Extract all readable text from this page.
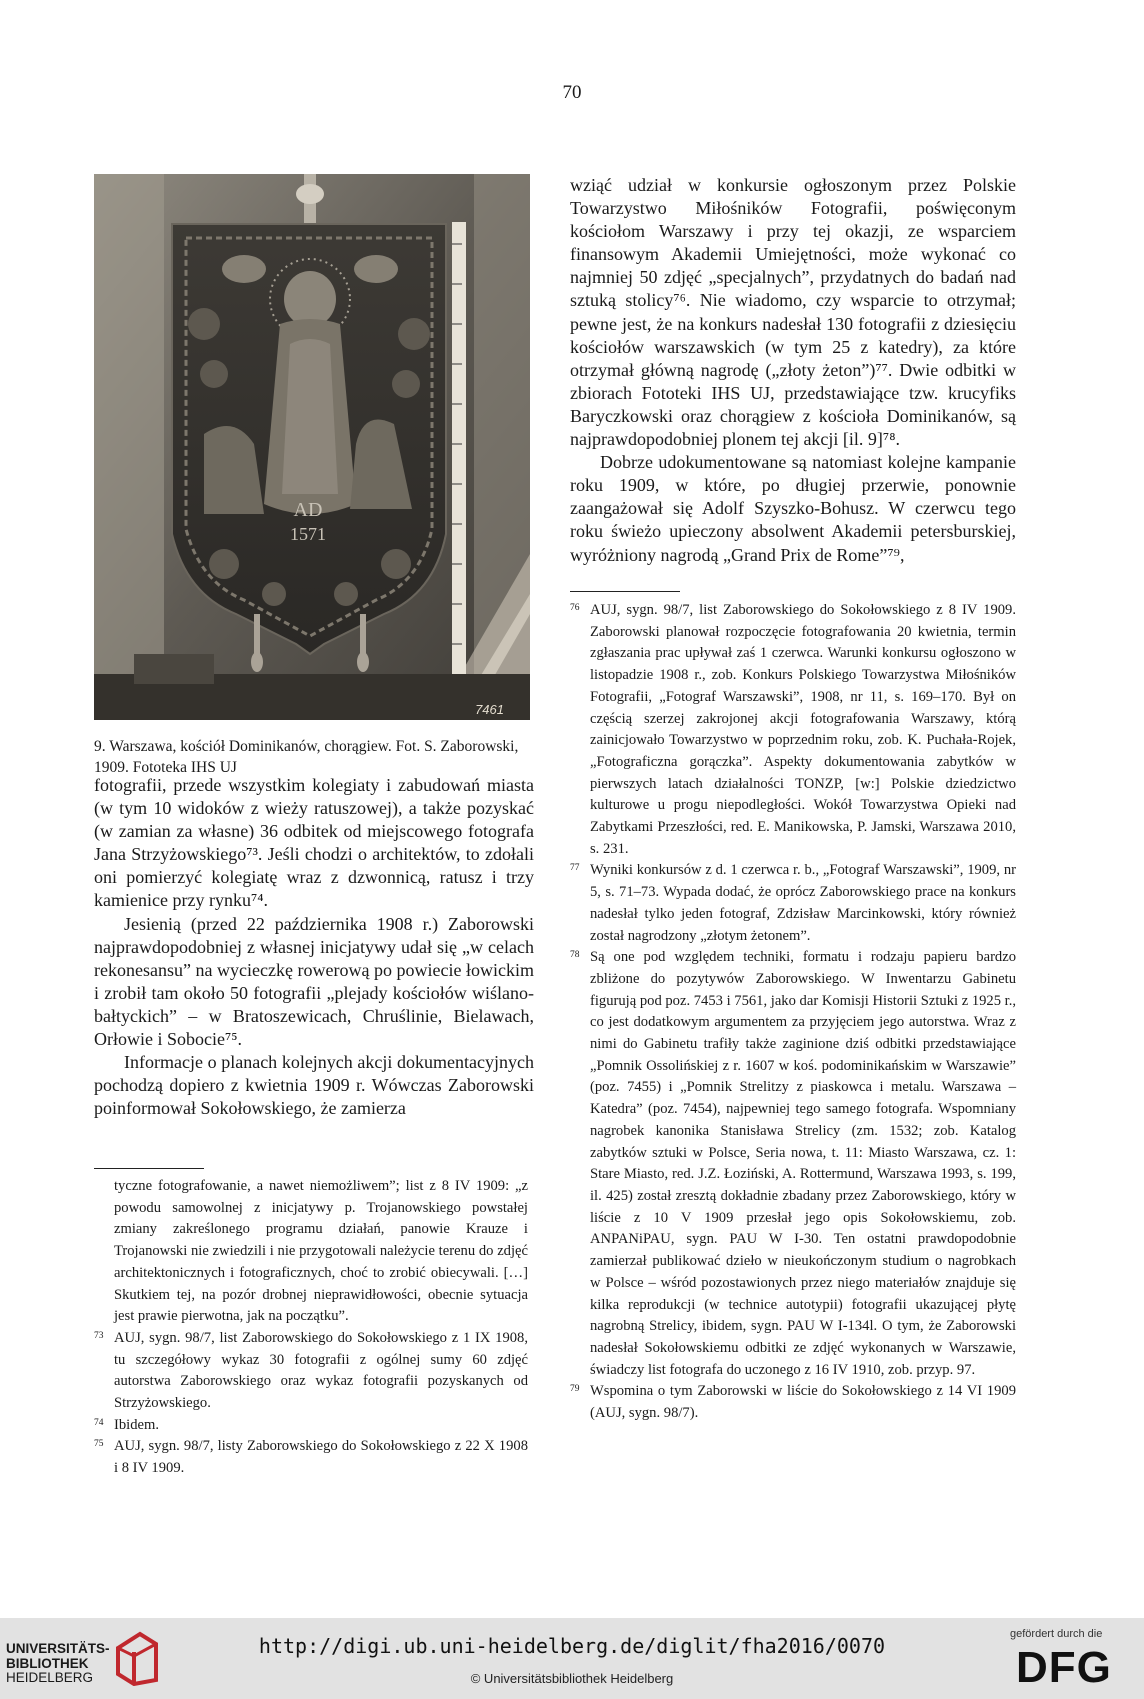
70
AD
1571
7461
9. Warszawa, kościół Dominikanów, chorągiew. Fot. S. Zaborowski,
1909. Fototeka IHS UJ

fotografii, przede wszystkim kolegiaty i zabudowań miasta (w tym 10 widoków z wieży ratuszowej), a także pozyskać (w zamian za własne) 36 odbitek od miejscowego fotografa Jana Strzyżowskiego⁷³. Jeśli chodzi o architektów, to zdołali oni pomierzyć kolegiatę wraz z dzwonnicą, ratusz i trzy kamienice przy rynku⁷⁴.

Jesienią (przed 22 października 1908 r.) Zaborowski najprawdopodobniej z własnej inicjatywy udał się „w celach rekonesansu” na wycieczkę rowerową po powiecie łowickim i zrobił tam około 50 fotografii „plejady kościołów wiślano-bałtyckich” – w Bratoszewicach, Chruślinie, Bielawach, Orłowie i Sobocie⁷⁵.

Informacje o planach kolejnych akcji dokumentacyjnych pochodzą dopiero z kwietnia 1909 r. Wówczas Zaborowski poinformował Sokołowskiego, że zamierza

tyczne fotografowanie, a nawet niemożliwem”; list z 8 IV 1909: „z powodu samowolnej z inicjatywy p. Trojanowskiego powstałej zmiany zakreślonego programu działań, panowie Krauze i Trojanowski nie zwiedzili i nie przygotowali należycie terenu do zdjęć architektonicznych i fotograficznych, choć to zrobić obiecywali. […] Skutkiem tej, na pozór drobnej nieprawidłowości, obecnie sytuacja jest prawie pierwotna, jak na początku”.

73 AUJ, sygn. 98/7, list Zaborowskiego do Sokołowskiego z 1 IX 1908, tu szczegółowy wykaz 30 fotografii z ogólnej sumy 60 zdjęć autorstwa Zaborowskiego oraz wykaz fotografii pozyskanych od Strzyżowskiego.

74 Ibidem.

75 AUJ, sygn. 98/7, listy Zaborowskiego do Sokołowskiego z 22 X 1908 i 8 IV 1909.

wziąć udział w konkursie ogłoszonym przez Polskie Towarzystwo Miłośników Fotografii, poświęconym kościołom Warszawy i przy tej okazji, ze wsparciem finansowym Akademii Umiejętności, może wykonać co najmniej 50 zdjęć „specjalnych”, przydatnych do badań nad sztuką stolicy⁷⁶. Nie wiadomo, czy wsparcie to otrzymał; pewne jest, że na konkurs nadesłał 130 fotografii z dziesięciu kościołów warszawskich (w tym 25 z katedry), za które otrzymał główną nagrodę („złoty żeton”)⁷⁷. Dwie odbitki w zbiorach Fototeki IHS UJ, przedstawiające tzw. krucyfiks Baryczkowski oraz chorągiew z kościoła Dominikanów, są najprawdopodobniej plonem tej akcji [il. 9]⁷⁸.

Dobrze udokumentowane są natomiast kolejne kampanie roku 1909, w które, po długiej przerwie, ponownie zaangażował się Adolf Szyszko-Bohusz. W czerwcu tego roku świeżo upieczony absolwent Akademii petersburskiej, wyróżniony nagrodą „Grand Prix de Rome”⁷⁹,

76 AUJ, sygn. 98/7, list Zaborowskiego do Sokołowskiego z 8 IV 1909. Zaborowski planował rozpoczęcie fotografowania 20 kwietnia, termin zgłaszania prac upływał zaś 1 czerwca. Warunki konkursu ogłoszono w listopadzie 1908 r., zob. Konkurs Polskiego Towarzystwa Miłośników Fotografii, „Fotograf Warszawski”, 1908, nr 11, s. 169–170. Był on częścią szerzej zakrojonej akcji fotografowania Warszawy, którą zainicjowało Towarzystwo w poprzednim roku, zob. K. Puchała-Rojek, „Fotograficzna gorączka”. Aspekty dokumentowania zabytków w pierwszych latach działalności TONZP, [w:] Polskie dziedzictwo kulturowe u progu niepodległości. Wokół Towarzystwa Opieki nad Zabytkami Przeszłości, red. E. Manikowska, P. Jamski, Warszawa 2010, s. 231.

77 Wyniki konkursów z d. 1 czerwca r. b., „Fotograf Warszawski”, 1909, nr 5, s. 71–73. Wypada dodać, że oprócz Zaborowskiego prace na konkurs nadesłał tylko jeden fotograf, Zdzisław Marcinkowski, który również został nagrodzony „złotym żetonem”.

78 Są one pod względem techniki, formatu i rodzaju papieru bardzo zbliżone do pozytywów Zaborowskiego. W Inwentarzu Gabinetu figurują pod poz. 7453 i 7561, jako dar Komisji Historii Sztuki z 1925 r., co jest dodatkowym argumentem za przyjęciem jego autorstwa. Wraz z nimi do Gabinetu trafiły także zaginione dziś odbitki przedstawiające „Pomnik Ossolińskiej z r. 1607 w koś. podominikańskim w Warszawie” (poz. 7455) i „Pomnik Strelitzy z piaskowca i metalu. Warszawa – Katedra” (poz. 7454), najpewniej tego samego fotografa. Wspomniany nagrobek kanonika Stanisława Strelicy (zm. 1532; zob. Katalog zabytków sztuki w Polsce, Seria nowa, t. 11: Miasto Warszawa, cz. 1: Stare Miasto, red. J.Z. Łoziński, A. Rottermund, Warszawa 1993, s. 199, il. 425) został zresztą dokładnie zbadany przez Zaborowskiego, który w liście z 10 V 1909 przesłał jego opis Sokołowskiemu, zob. ANPANiPAU, sygn. PAU W I-30. Ten ostatni prawdopodobnie zamierzał publikować dzieło w nieukończonym studium o nagrobkach w Polsce – wśród pozostawionych przez niego materiałów znajduje się kilka reprodukcji (w technice autotypii) fotografii ukazującej płytę nagrobną Strelicy, ibidem, sygn. PAU W I-134l. O tym, że Zaborowski nadesłał Sokołowskiemu odbitki ze zdjęć wykonanych w Warszawie, świadczy list fotografa do uczonego z 16 IV 1910, zob. przyp. 97.

79 Wspomina o tym Zaborowski w liście do Sokołowskiego z 14 VI 1909 (AUJ, sygn. 98/7).

UNIVERSITÄTS-
BIBLIOTHEK
HEIDELBERG
http://digi.ub.uni-heidelberg.de/diglit/fha2016/0070
© Universitätsbibliothek Heidelberg
gefördert durch die
DFG
